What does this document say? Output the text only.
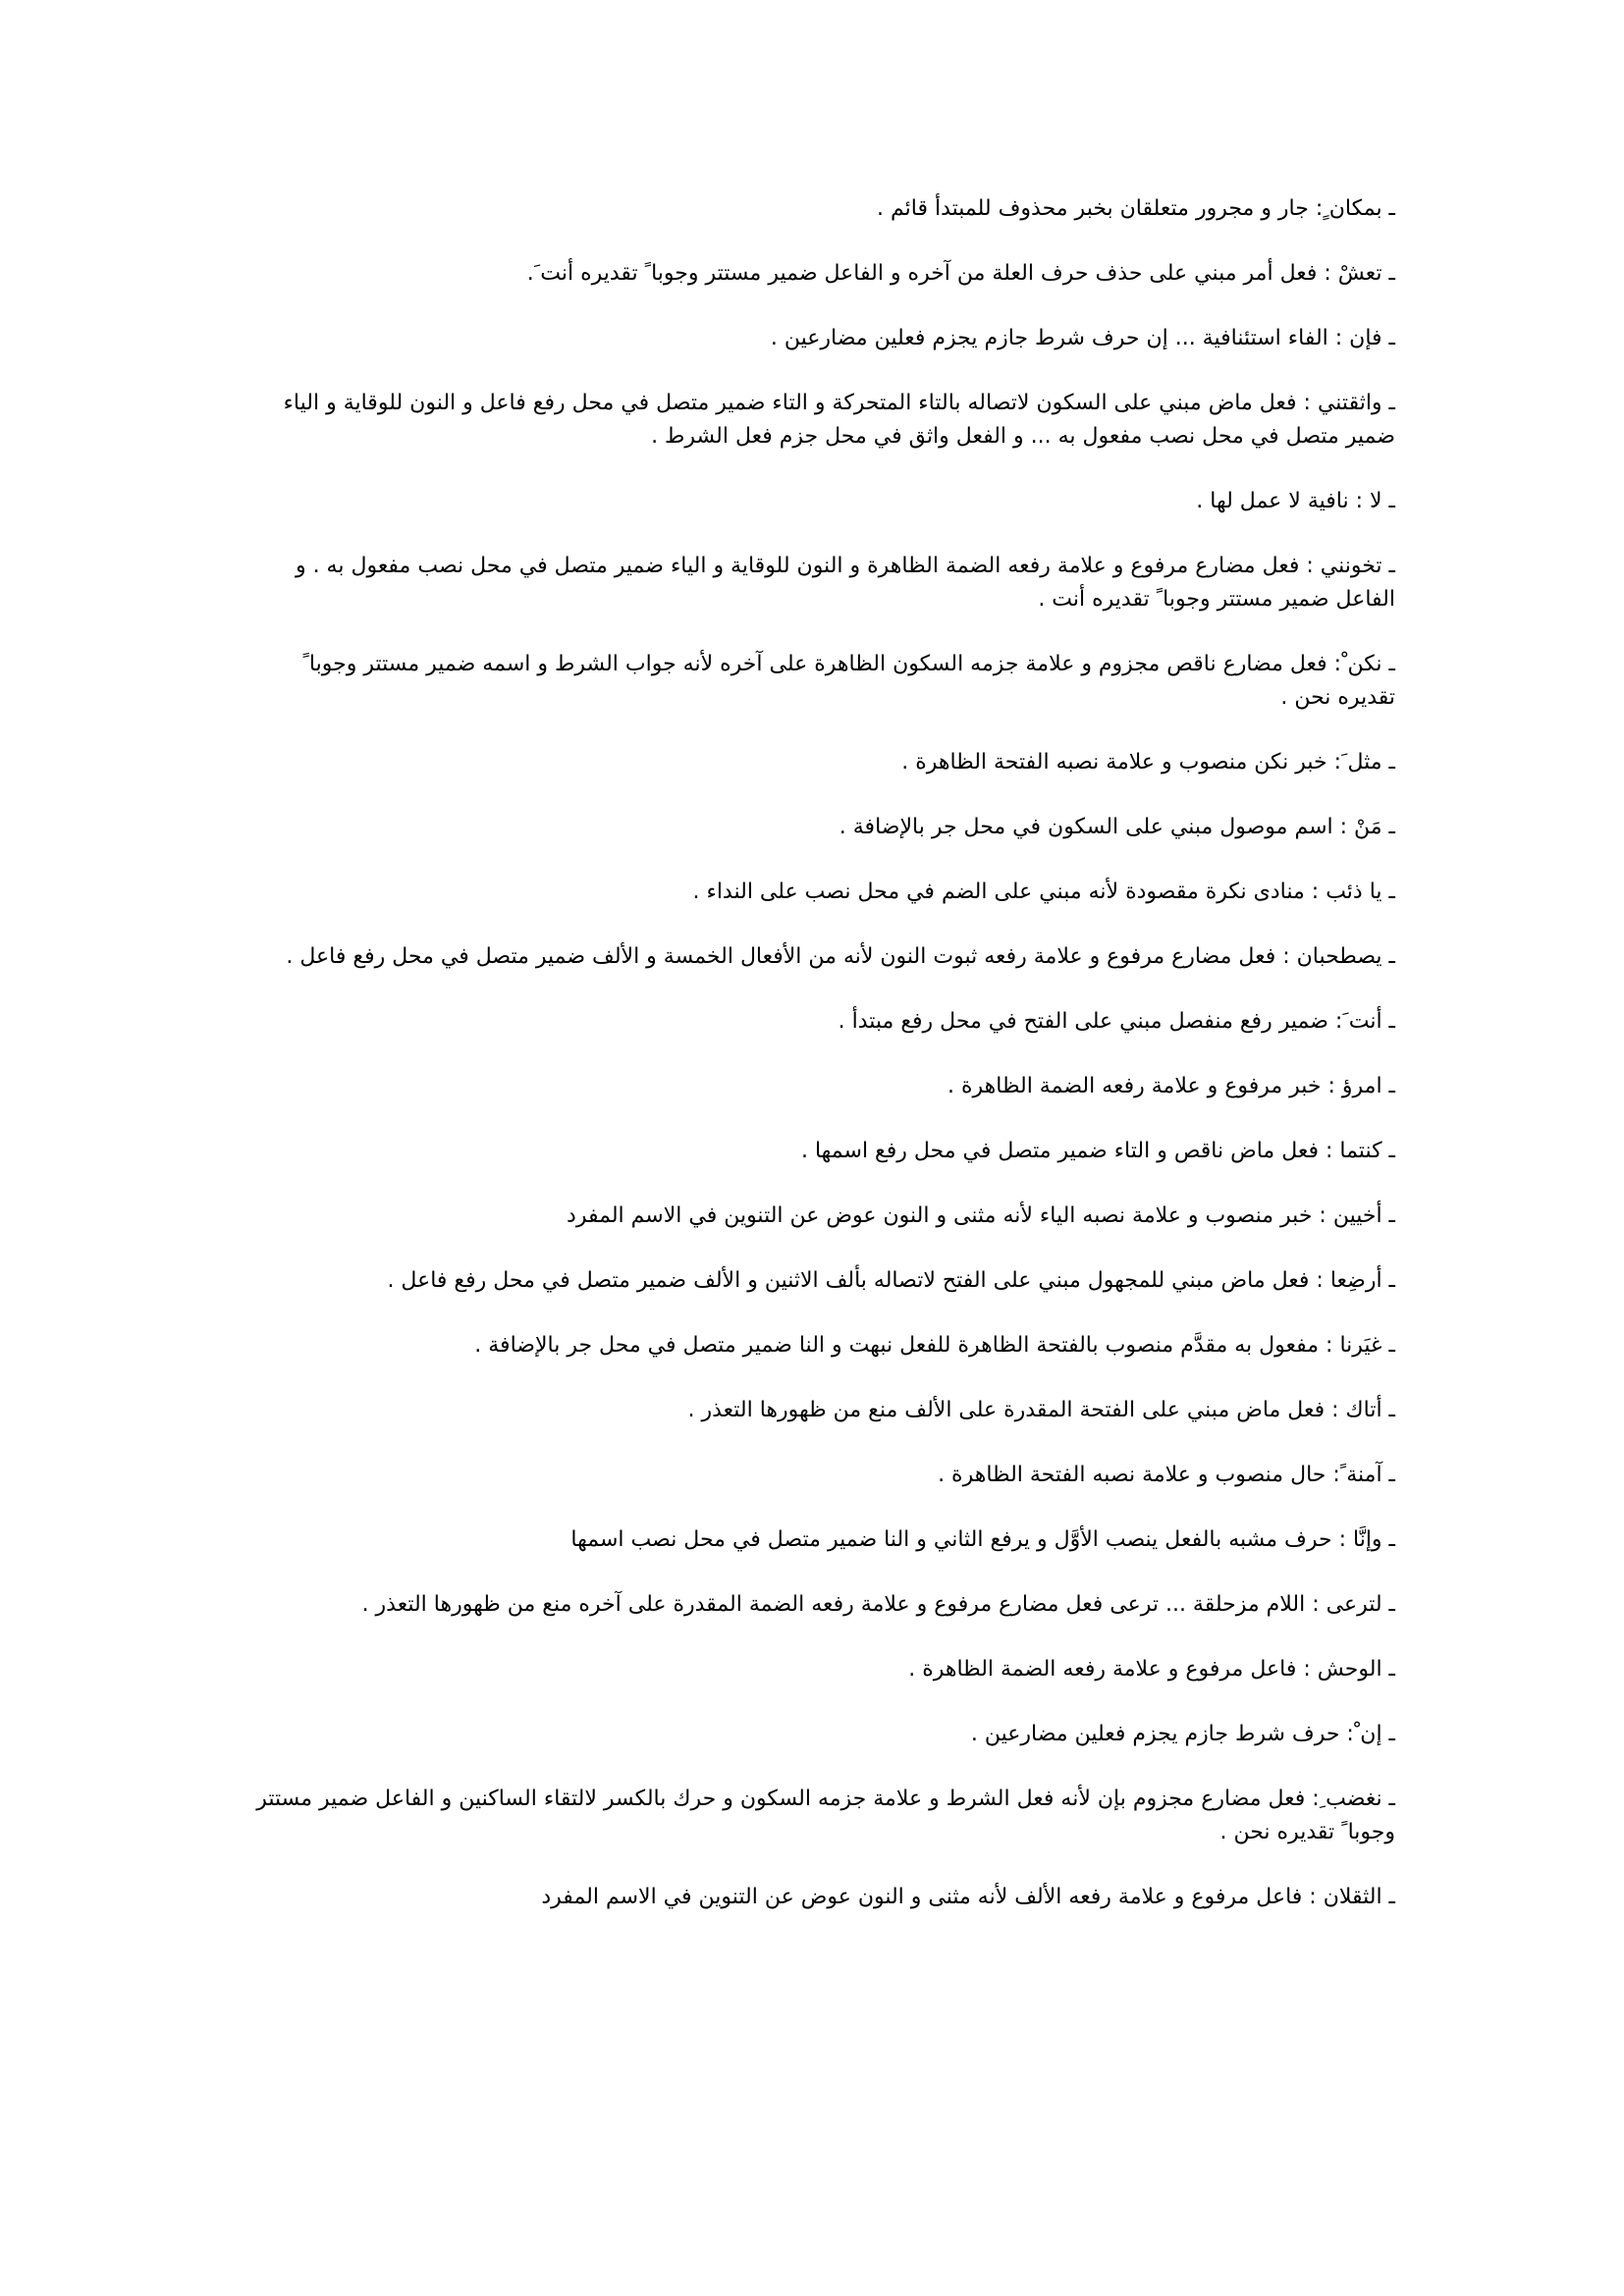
ـ بمكان ٍ: جار و مجرور متعلقان بخبر محذوف للمبتدأ قائم .

ـ تعشْ : فعل أمر مبني على حذف حرف العلة من آخره و الفاعل ضمير مستتر وجوبا ً تقديره أنت َ.

ـ فإن : الفاء استئنافية ... إن حرف شرط جازم يجزم فعلين مضارعين .

ـ واثقتني : فعل ماض مبني على السكون لاتصاله بالتاء المتحركة و التاء ضمير متصل في محل رفع فاعل و النون للوقاية و الياء ضمير متصل في محل نصب مفعول به ... و الفعل واثق في محل جزم فعل الشرط .

ـ لا : نافية لا عمل لها .

ـ تخونني : فعل مضارع مرفوع و علامة رفعه الضمة الظاهرة و النون للوقاية و الياء ضمير متصل في محل نصب مفعول به . و الفاعل ضمير مستتر وجوبا ً تقديره أنت .

ـ نكن ْ: فعل مضارع ناقص مجزوم و علامة جزمه السكون الظاهرة على آخره لأنه جواب الشرط و اسمه ضمير مستتر وجوبا ً تقديره نحن .

ـ مثل َ: خبر نكن منصوب و علامة نصبه الفتحة الظاهرة .

ـ مَنْ : اسم موصول مبني على السكون في محل جر بالإضافة .

ـ يا ذئب : منادى نكرة مقصودة لأنه مبني على الضم في محل نصب على النداء .

ـ يصطحبان : فعل مضارع مرفوع و علامة رفعه ثبوت النون لأنه من الأفعال الخمسة و الألف ضمير متصل في محل رفع فاعل .

ـ أنت َ: ضمير رفع منفصل مبني على الفتح في محل رفع مبتدأ .

ـ امرؤ : خبر مرفوع و علامة رفعه الضمة الظاهرة .

ـ كنتما : فعل ماض ناقص و التاء ضمير متصل في محل رفع اسمها .

ـ أخيين : خبر منصوب و علامة نصبه الياء لأنه مثنى و النون عوض عن التنوين في الاسم المفرد

ـ أرضِعا : فعل ماض مبني للمجهول مبني على الفتح لاتصاله بألف الاثنين و الألف ضمير متصل في محل رفع فاعل .

ـ غيَرنا : مفعول به مقدَّم منصوب بالفتحة الظاهرة للفعل نبهت و النا ضمير متصل في محل جر بالإضافة .

ـ أتاك : فعل ماض مبني على الفتحة المقدرة على الألف منع من ظهورها التعذر .

ـ آمنة ً: حال منصوب و علامة نصبه الفتحة الظاهرة .

ـ وإنَّا : حرف مشبه بالفعل ينصب الأوَّل و يرفع الثاني و النا ضمير متصل في محل نصب اسمها

ـ لترعى : اللام مزحلقة ... ترعى فعل مضارع مرفوع و علامة رفعه الضمة المقدرة على آخره منع من ظهورها التعذر .

ـ الوحش : فاعل مرفوع و علامة رفعه الضمة الظاهرة .

ـ إن ْ: حرف شرط جازم يجزم فعلين مضارعين .

ـ نغضب ِ: فعل مضارع مجزوم بإن لأنه فعل الشرط و علامة جزمه السكون و حرك بالكسر لالتقاء الساكنين و الفاعل ضمير مستتر وجوبا ً تقديره نحن .

ـ الثقلان : فاعل مرفوع و علامة رفعه الألف لأنه مثنى و النون عوض عن التنوين في الاسم المفرد
